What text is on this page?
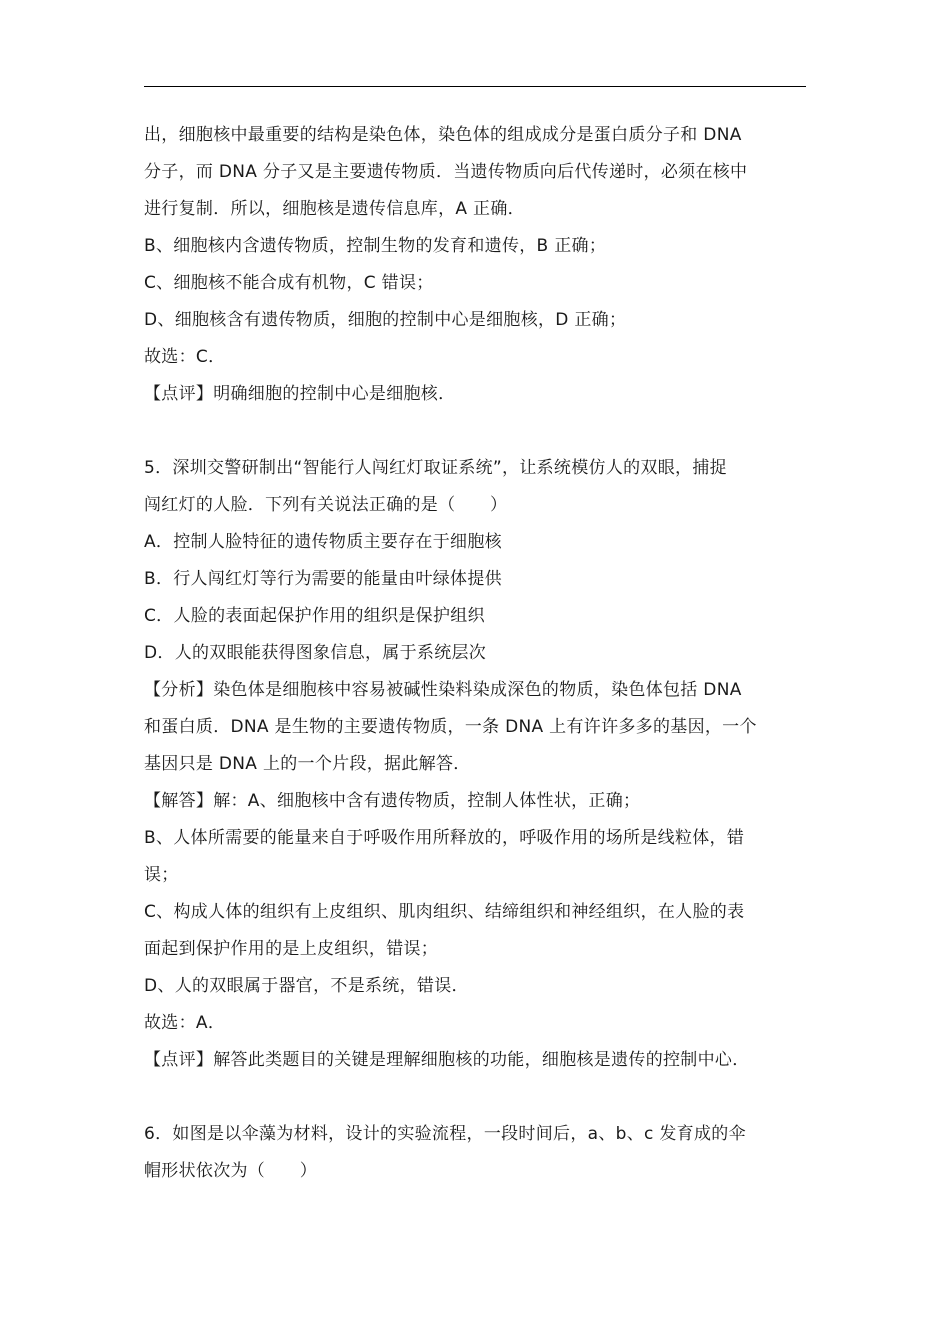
出，细胞核中最重要的结构是染色体，染色体的组成成分是蛋白质分子和 DNA
分子，而 DNA 分子又是主要遗传物质．当遗传物质向后代传递时，必须在核中
进行复制．所以，细胞核是遗传信息库，A 正确．
B、细胞核内含遗传物质，控制生物的发育和遗传，B 正确；
C、细胞核不能合成有机物，C 错误；
D、细胞核含有遗传物质，细胞的控制中心是细胞核，D 正确；
故选：C．
【点评】明确细胞的控制中心是细胞核．
5．深圳交警研制出“智能行人闯红灯取证系统”，让系统模仿人的双眼，捕捉
闯红灯的人脸．下列有关说法正确的是（　　）
A．控制人脸特征的遗传物质主要存在于细胞核
B．行人闯红灯等行为需要的能量由叶绿体提供
C．人脸的表面起保护作用的组织是保护组织
D．人的双眼能获得图象信息，属于系统层次
【分析】染色体是细胞核中容易被碱性染料染成深色的物质，染色体包括 DNA
和蛋白质．DNA 是生物的主要遗传物质，一条 DNA 上有许许多多的基因，一个
基因只是 DNA 上的一个片段，据此解答．
【解答】解：A、细胞核中含有遗传物质，控制人体性状，正确；
B、人体所需要的能量来自于呼吸作用所释放的，呼吸作用的场所是线粒体，错
误；
C、构成人体的组织有上皮组织、肌肉组织、结缔组织和神经组织，在人脸的表
面起到保护作用的是上皮组织，错误；
D、人的双眼属于器官，不是系统，错误．
故选：A．
【点评】解答此类题目的关键是理解细胞核的功能，细胞核是遗传的控制中心．
6．如图是以伞藻为材料，设计的实验流程，一段时间后，a、b、c 发育成的伞
帽形状依次为（　　）
